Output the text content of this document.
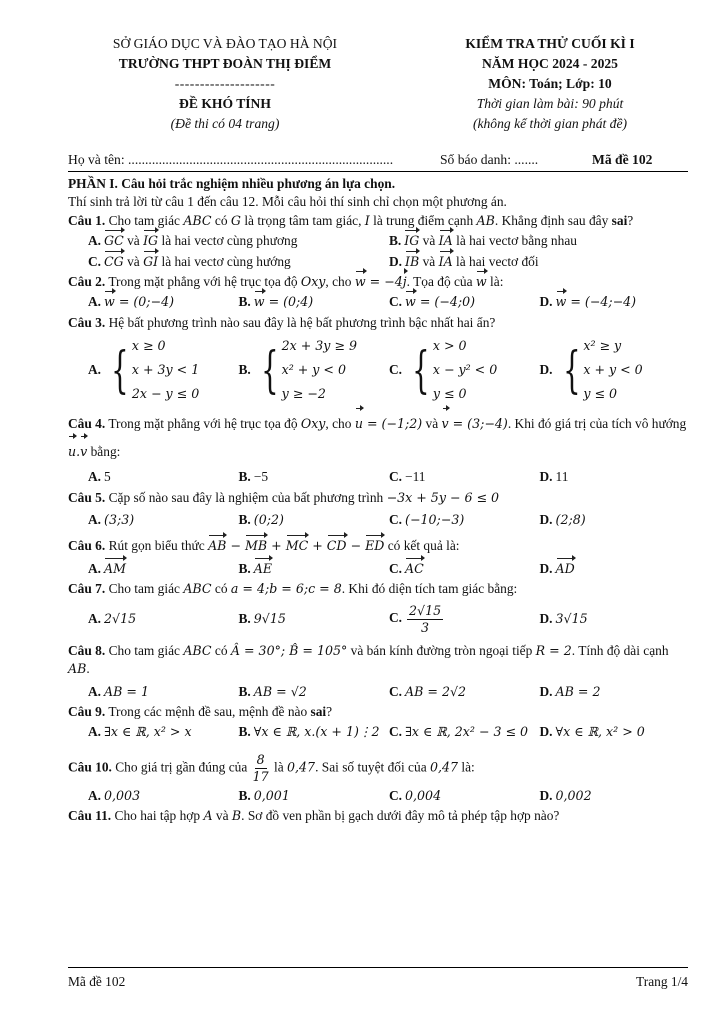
SỞ GIÁO DỤC VÀ ĐÀO TẠO HÀ NỘI
TRƯỜNG THPT ĐOÀN THỊ ĐIỂM
--------------------
ĐỀ KHÓ TÍNH
(Đề thi có 04 trang)
KIỂM TRA THỬ CUỐI KÌ I
NĂM HỌC 2024 - 2025
MÔN: Toán; Lớp: 10
Thời gian làm bài: 90 phút
(không kể thời gian phát đề)
Họ và tên: ..............................................................................	Số báo danh: .......	Mã đề 102

PHẦN I. Câu hỏi trắc nghiệm nhiều phương án lựa chọn.

Thí sinh trả lời từ câu 1 đến câu 12. Mỗi câu hỏi thí sinh chỉ chọn một phương án.

Câu 1. Cho tam giác ABC có G là trọng tâm tam giác, I là trung điểm cạnh AB. Khẳng định sau đây sai?

A. GC và IG là hai vectơ cùng phương	B. IG và IA là hai vectơ bằng nhau
C. CG và GI là hai vectơ cùng hướng	D. IB và IA là hai vectơ đối

Câu 2. Trong mặt phẳng với hệ trục tọa độ Oxy, cho w = −4j. Tọa độ của w là:

A. w = (0;−4)	B. w = (0;4)	C. w = (−4;0)	D. w = (−4;−4)

Câu 3. Hệ bất phương trình nào sau đây là hệ bất phương trình bậc nhất hai ẩn?

A. { x ≥ 0
x + 3y < 1
2x − y ≤ 0
B. { 2x + 3y ≥ 9
x² + y < 0
y ≥ −2
C. { x > 0
x − y² < 0
y ≤ 0
D. { x² ≥ y
x + y < 0
y ≤ 0

Câu 4. Trong mặt phẳng với hệ trục tọa độ Oxy, cho u = (−1;2) và v = (3;−4). Khi đó giá trị của tích vô hướng u.v bằng:

A. 5	B. −5	C. −11	D. 11

Câu 5. Cặp số nào sau đây là nghiệm của bất phương trình −3x + 5y − 6 ≤ 0

A. (3;3)	B. (0;2)	C. (−10;−3)	D. (2;8)

Câu 6. Rút gọn biểu thức AB − MB + MC + CD − ED có kết quả là:

A. AM	B. AE	C. AC	D. AD

Câu 7. Cho tam giác ABC có a = 4;b = 6;c = 8. Khi đó diện tích tam giác bằng:

A. 2√15	B. 9√15	C. $\frac{2√15}{3}$	D. 3√15

Câu 8. Cho tam giác ABC có Â = 30°; B̂ = 105° và bán kính đường tròn ngoại tiếp R = 2. Tính độ dài cạnh AB.

A. AB = 1	B. AB = √2	C. AB = 2√2	D. AB = 2

Câu 9. Trong các mệnh đề sau, mệnh đề nào sai?

A. ∃x ∈ ℝ, x² > x	B. ∀x ∈ ℝ, x.(x + 1)⋮2 C. ∃x ∈ ℝ, 2x² − 3 ≤ 0 D. ∀x ∈ ℝ, x² > 0

Câu 10. Cho giá trị gần đúng của $\frac{8}{17}$ là 0,47. Sai số tuyệt đối của 0,47 là:

A. 0,003	B. 0,001	C. 0,004	D. 0,002

Câu 11. Cho hai tập hợp A và B. Sơ đồ ven phần bị gạch dưới đây mô tả phép tập hợp nào?

Mã đề 102	Trang 1/4
